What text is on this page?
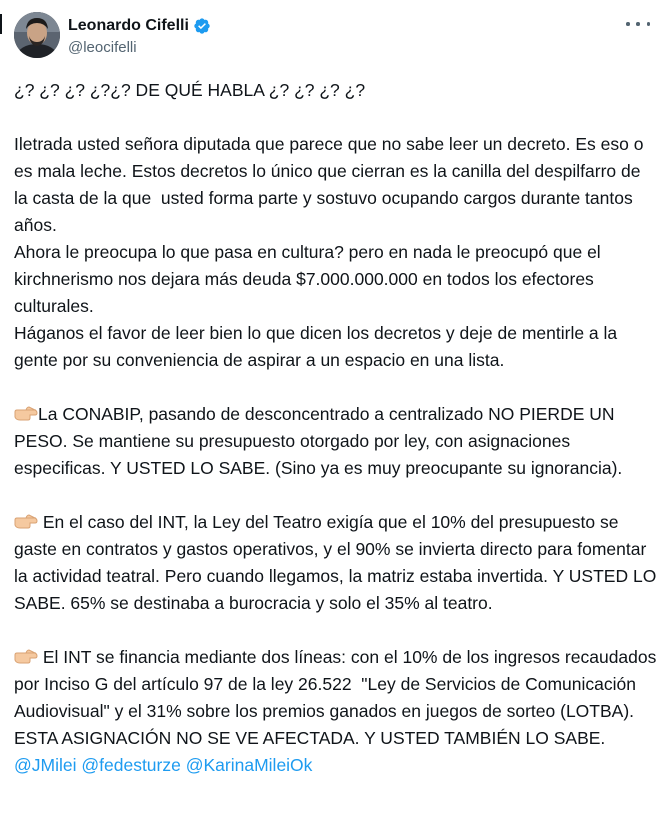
Leonardo Cifelli
@leocifelli

¿? ¿? ¿? ¿?¿? DE QUÉ HABLA ¿? ¿? ¿? ¿?

Iletrada usted señora diputada que parece que no sabe leer un decreto. Es eso o es mala leche. Estos decretos lo único que cierran es la canilla del despilfarro de la casta de la que  usted forma parte y sostuvo ocupando cargos durante tantos años.

Ahora le preocupa lo que pasa en cultura? pero en nada le preocupó que el kirchnerismo nos dejara más deuda $7.000.000.000 en todos los efectores culturales.

Háganos el favor de leer bien lo que dicen los decretos y deje de mentirle a la gente por su conveniencia de aspirar a un espacio en una lista.

La CONABIP, pasando de desconcentrado a centralizado NO PIERDE UN PESO. Se mantiene su presupuesto otorgado por ley, con asignaciones especificas. Y USTED LO SABE. (Sino ya es muy preocupante su ignorancia).

En el caso del INT, la Ley del Teatro exigía que el 10% del presupuesto se gaste en contratos y gastos operativos, y el 90% se invierta directo para fomentar la actividad teatral. Pero cuando llegamos, la matriz estaba invertida. Y USTED LO SABE. 65% se destinaba a burocracia y solo el 35% al teatro.

El INT se financia mediante dos líneas: con el 10% de los ingresos recaudados por Inciso G del artículo 97 de la ley 26.522  "Ley de Servicios de Comunicación Audiovisual" y el 31% sobre los premios ganados en juegos de sorteo (LOTBA). ESTA ASIGNACIÓN NO SE VE AFECTADA. Y USTED TAMBIÉN LO SABE.

@JMilei @fedesturze @KarinaMileiOk
